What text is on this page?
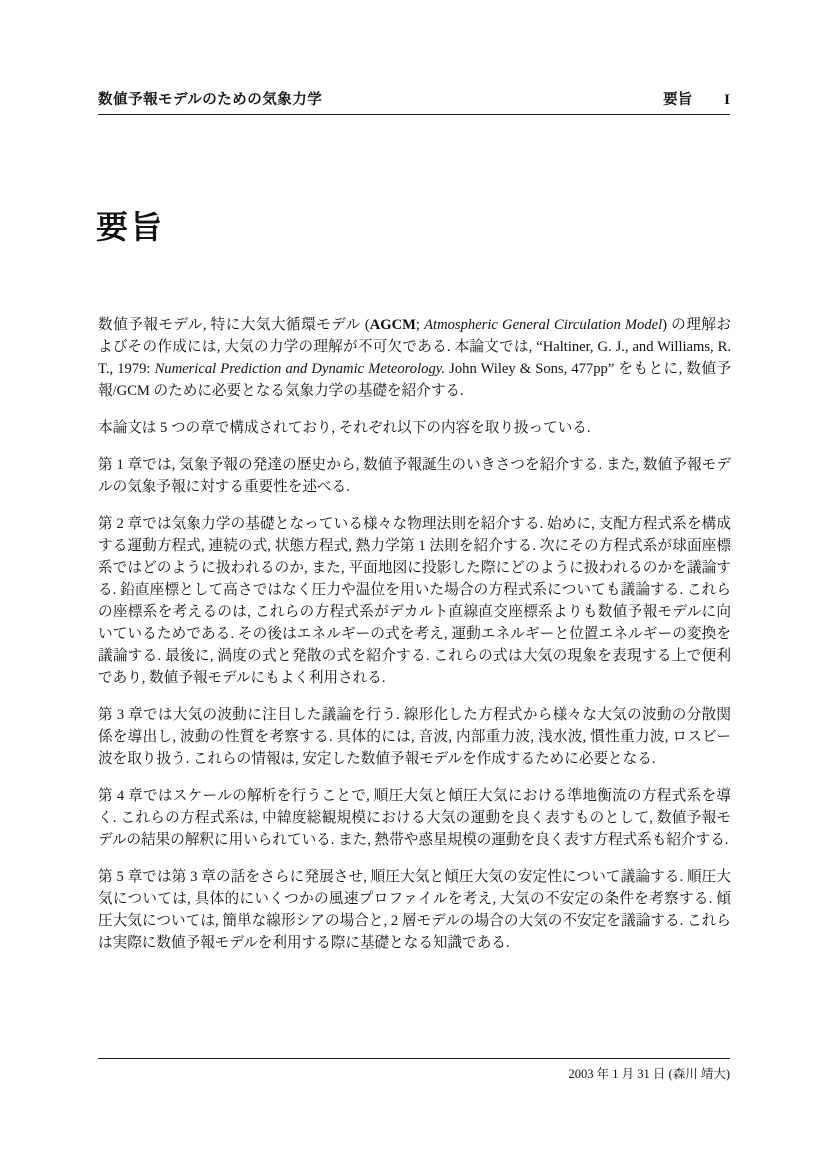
数値予報モデルのための気象力学	要旨 I
要旨

数値予報モデル, 特に大気大循環モデル (AGCM; Atmospheric General Circulation Model) の理解およびその作成には, 大気の力学の理解が不可欠である. 本論文では, “Haltiner, G. J., and Williams, R. T., 1979: Numerical Prediction and Dynamic Meteorology. John Wiley & Sons, 477pp” をもとに, 数値予報/GCM のために必要となる気象力学の基礎を紹介する.

本論文は 5 つの章で構成されており, それぞれ以下の内容を取り扱っている.

第 1 章では, 気象予報の発達の歴史から, 数値予報誕生のいきさつを紹介する. また, 数値予報モデルの気象予報に対する重要性を述べる.

第 2 章では気象力学の基礎となっている様々な物理法則を紹介する. 始めに, 支配方程式系を構成する運動方程式, 連続の式, 状態方程式, 熱力学第 1 法則を紹介する. 次にその方程式系が球面座標系ではどのように扱われるのか, また, 平面地図に投影した際にどのように扱われるのかを議論する. 鉛直座標として高さではなく圧力や温位を用いた場合の方程式系についても議論する. これらの座標系を考えるのは, これらの方程式系がデカルト直線直交座標系よりも数値予報モデルに向いているためである. その後はエネルギーの式を考え, 運動エネルギーと位置エネルギーの変換を議論する. 最後に, 渦度の式と発散の式を紹介する. これらの式は大気の現象を表現する上で便利であり, 数値予報モデルにもよく利用される.

第 3 章では大気の波動に注目した議論を行う. 線形化した方程式から様々な大気の波動の分散関係を導出し, 波動の性質を考察する. 具体的には, 音波, 内部重力波, 浅水波, 慣性重力波, ロスビー波を取り扱う. これらの情報は, 安定した数値予報モデルを作成するために必要となる.

第 4 章ではスケールの解析を行うことで, 順圧大気と傾圧大気における準地衡流の方程式系を導く. これらの方程式系は, 中緯度総観規模における大気の運動を良く表すものとして, 数値予報モデルの結果の解釈に用いられている. また, 熱帯や惑星規模の運動を良く表す方程式系も紹介する.

第 5 章では第 3 章の話をさらに発展させ, 順圧大気と傾圧大気の安定性について議論する. 順圧大気については, 具体的にいくつかの風速プロファイルを考え, 大気の不安定の条件を考察する. 傾圧大気については, 簡単な線形シアの場合と, 2 層モデルの場合の大気の不安定を議論する. これらは実際に数値予報モデルを利用する際に基礎となる知識である.

2003 年 1 月 31 日 (森川 靖大)
